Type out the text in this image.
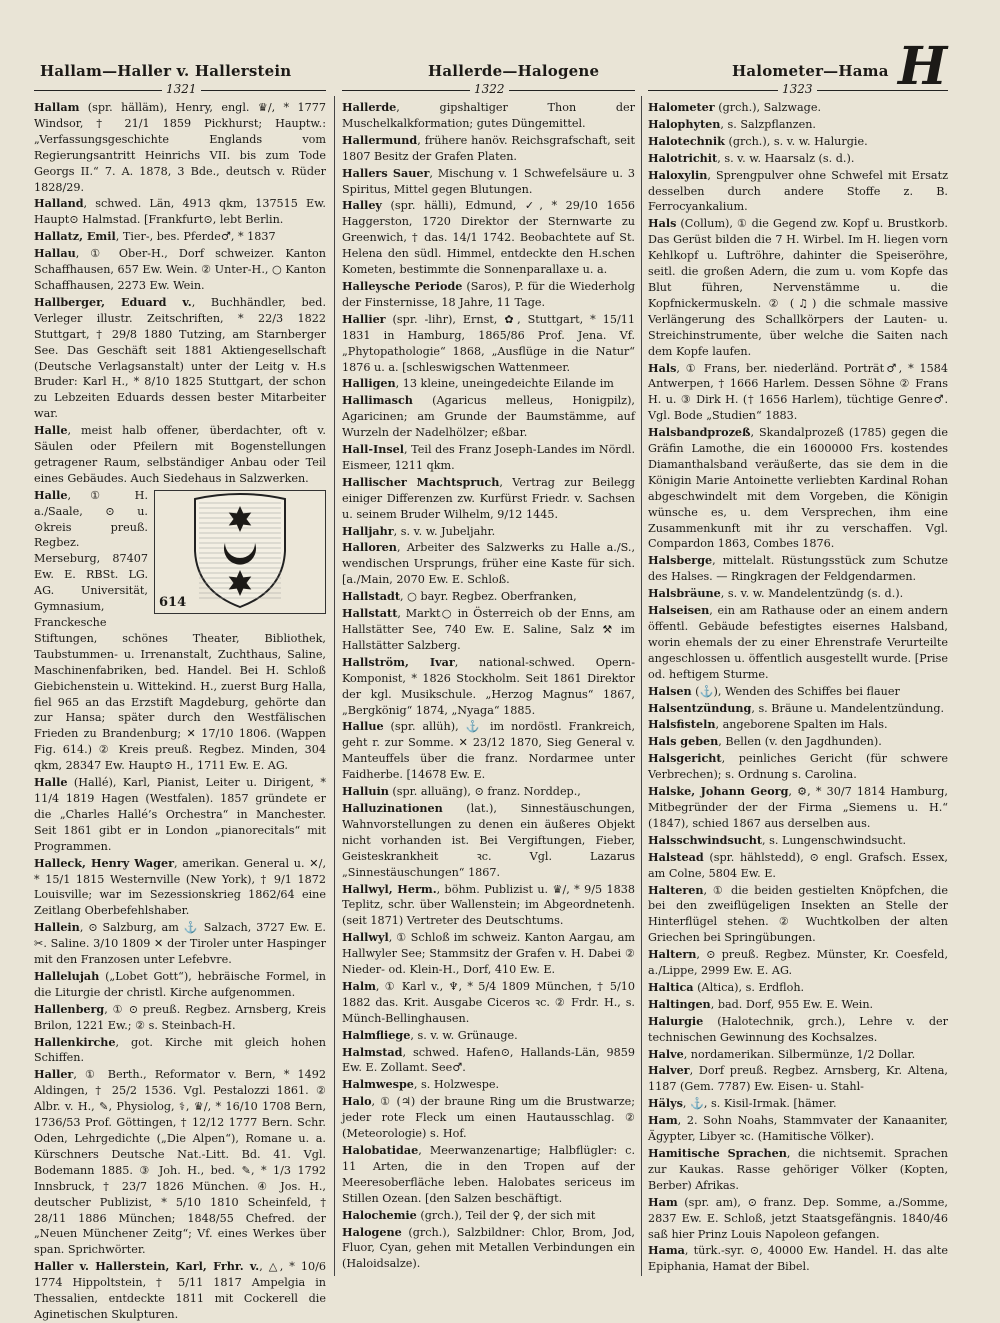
Hallam—Haller v. Hallerstein	Hallerde—Halogene	Halometer—Hama H
1321	1322	1323

Hallam (spr. hälläm), Henry, engl. ♛/, * 1777 Windsor, † 21/1 1859 Pickhurst; Hauptw.: „Verfassungsgeschichte Englands vom Regierungsantritt Heinrichs VII. bis zum Tode Georgs II.“ 7. A. 1878, 3 Bde., deutsch v. Rüder 1828/29.

Halland, schwed. Län, 4913 qkm, 137515 Ew. Haupt⊙ Halmstad. [Frankfurt⊙, lebt Berlin.

Hallatz, Emil, Tier-, bes. Pferde♂, * 1837

Hallau, ① Ober-H., Dorf schweizer. Kanton Schaffhausen, 657 Ew. Wein. ② Unter-H., ○ Kanton Schaffhausen, 2273 Ew. Wein.

Hallberger, Eduard v., Buchhändler, bed. Verleger illustr. Zeitschriften, * 22/3 1822 Stuttgart, † 29/8 1880 Tutzing, am Starnberger See. Das Geschäft seit 1881 Aktiengesellschaft (Deutsche Verlagsanstalt) unter der Leitg v. H.s Bruder: Karl H., * 8/10 1825 Stuttgart, der schon zu Lebzeiten Eduards dessen bester Mitarbeiter war.

Halle, meist halb offener, überdachter, oft v. Säulen oder Pfeilern mit Bogenstellungen getragener Raum, selbständiger Anbau oder Teil eines Gebäudes. Auch Siedehaus in Salzwerken.

614
Halle, ① H. a./Saale, ⊙ u. ⊙kreis preuß. Regbez. Merseburg, 87407 Ew. E. RBSt. LG. AG. Universität, Gymnasium, Franckesche Stiftungen, schönes Theater, Bibliothek, Taubstummen- u. Irrenanstalt, Zuchthaus, Saline, Maschinenfabriken, bed. Handel. Bei H. Schloß Giebichenstein u. Wittekind. H., zuerst Burg Halla, fiel 965 an das Erzstift Magdeburg, gehörte dan zur Hansa; später durch den Westfälischen Frieden zu Brandenburg; ✕ 17/10 1806. (Wappen Fig. 614.) ② Kreis preuß. Regbez. Minden, 304 qkm, 28347 Ew. Haupt⊙ H., 1711 Ew. E. AG.

Halle (Hallé), Karl, Pianist, Leiter u. Dirigent, * 11/4 1819 Hagen (Westfalen). 1857 gründete er die „Charles Hallé’s Orchestra“ in Manchester. Seit 1861 gibt er in London „pianorecitals“ mit Programmen.

Halleck, Henry Wager, amerikan. General u. ✕/, * 15/1 1815 Westernville (New York), † 9/1 1872 Louisville; war im Sezessionskrieg 1862/64 eine Zeitlang Oberbefehlshaber.

Hallein, ⊙ Salzburg, am ⚓ Salzach, 3727 Ew. E. ✂. Saline. 3/10 1809 ✕ der Tiroler unter Haspinger mit den Franzosen unter Lefebvre.

Hallelujah („Lobet Gott“), hebräische Formel, in die Liturgie der christl. Kirche aufgenommen.

Hallenberg, ① ⊙ preuß. Regbez. Arnsberg, Kreis Brilon, 1221 Ew.; ② s. Steinbach-H.

Hallenkirche, got. Kirche mit gleich hohen Schiffen.

Haller, ① Berth., Reformator v. Bern, * 1492 Aldingen, † 25/2 1536. Vgl. Pestalozzi 1861. ② Albr. v. H., ✎, Physiolog, ⚕, ♛/, * 16/10 1708 Bern, 1736/53 Prof. Göttingen, † 12/12 1777 Bern. Schr. Oden, Lehrgedichte („Die Alpen“), Romane u. a. Kürschners Deutsche Nat.-Litt. Bd. 41. Vgl. Bodemann 1885. ③ Joh. H., bed. ✎, * 1/3 1792 Innsbruck, † 23/7 1826 München. ④ Jos. H., deutscher Publizist, * 5/10 1810 Scheinfeld, † 28/11 1886 München; 1848/55 Chefred. der „Neuen Münchener Zeitg“; Vf. eines Werkes über span. Sprichwörter.

Haller v. Hallerstein, Karl, Frhr. v., △, * 10/6 1774 Hippoltstein, † 5/11 1817 Ampelgia in Thessalien, entdeckte 1811 mit Cockerell die Aginetischen Skulpturen.

Hallerde, gipshaltiger Thon der Muschelkalkformation; gutes Düngemittel.

Hallermund, frühere hanöv. Reichsgrafschaft, seit 1807 Besitz der Grafen Platen.

Hallers Sauer, Mischung v. 1 Schwefelsäure u. 3 Spiritus, Mittel gegen Blutungen.

Halley (spr. hälli), Edmund, ✓, * 29/10 1656 Haggerston, 1720 Direktor der Sternwarte zu Greenwich, † das. 14/1 1742. Beobachtete auf St. Helena den südl. Himmel, entdeckte den H.schen Kometen, bestimmte die Sonnenparallaxe u. a.

Halleysche Periode (Saros), P. für die Wiederholg der Finsternisse, 18 Jahre, 11 Tage.

Hallier (spr. -lihr), Ernst, ✿, Stuttgart, * 15/11 1831 in Hamburg, 1865/86 Prof. Jena. Vf. „Phytopathologie“ 1868, „Ausflüge in die Natur“ 1876 u. a. [schleswigschen Wattenmeer.

Halligen, 13 kleine, uneingedeichte Eilande im

Hallimasch (Agaricus melleus, Honigpilz), Agaricinen; am Grunde der Baumstämme, auf Wurzeln der Nadelhölzer; eßbar.

Hall-Insel, Teil des Franz Joseph-Landes im Nördl. Eismeer, 1211 qkm.

Hallischer Machtspruch, Vertrag zur Beilegg einiger Differenzen zw. Kurfürst Friedr. v. Sachsen u. seinem Bruder Wilhelm, 9/12 1445.

Halljahr, s. v. w. Jubeljahr.

Halloren, Arbeiter des Salzwerks zu Halle a./S., wendischen Ursprungs, früher eine Kaste für sich. [a./Main, 2070 Ew. E. Schloß.

Hallstadt, ○ bayr. Regbez. Oberfranken,

Hallstatt, Markt○ in Österreich ob der Enns, am Hallstätter See, 740 Ew. E. Saline, Salz ⚒ im Hallstätter Salzberg.

Hallström, Ivar, national-schwed. Opern-Komponist, * 1826 Stockholm. Seit 1861 Direktor der kgl. Musikschule. „Herzog Magnus“ 1867, „Bergkönig“ 1874, „Nyaga“ 1885.

Hallue (spr. allüh), ⚓ im nordöstl. Frankreich, geht r. zur Somme. ✕ 23/12 1870, Sieg General v. Manteuffels über die franz. Nordarmee unter Faidherbe. [14678 Ew. E.

Halluin (spr. alluäng), ⊙ franz. Norddep.,

Halluzinationen (lat.), Sinnestäuschungen, Wahnvorstellungen zu denen ein äußeres Objekt nicht vorhanden ist. Bei Vergiftungen, Fieber, Geisteskrankheit ꝛc. Vgl. Lazarus „Sinnestäuschungen“ 1867.

Hallwyl, Herm., böhm. Publizist u. ♛/, * 9/5 1838 Teplitz, schr. über Wallenstein; im Abgeordnetenh. (seit 1871) Vertreter des Deutschtums.

Hallwyl, ① Schloß im schweiz. Kanton Aargau, am Hallwyler See; Stammsitz der Grafen v. H. Dabei ② Nieder- od. Klein-H., Dorf, 410 Ew. E.

Halm, ① Karl v., ♆, * 5/4 1809 München, † 5/10 1882 das. Krit. Ausgabe Ciceros ꝛc. ② Frdr. H., s. Münch-Bellinghausen.

Halmfliege, s. v. w. Grünauge.

Halmstad, schwed. Hafen⊙, Hallands-Län, 9859 Ew. E. Zollamt. See♂.

Halmwespe, s. Holzwespe.

Halo, ① (♃) der braune Ring um die Brustwarze; jeder rote Fleck um einen Hautausschlag. ② (Meteorologie) s. Hof.

Halobatidae, Meerwanzenartige; Halbflügler: c. 11 Arten, die in den Tropen auf der Meeresoberfläche leben. Halobates sericeus im Stillen Ozean. [den Salzen beschäftigt.

Halochemie (grch.), Teil der ♀, der sich mit

Halogene (grch.), Salzbildner: Chlor, Brom, Jod, Fluor, Cyan, gehen mit Metallen Verbindungen ein (Haloidsalze).

Halometer (grch.), Salzwage.

Halophyten, s. Salzpflanzen.

Halotechnik (grch.), s. v. w. Halurgie.

Halotrichit, s. v. w. Haarsalz (s. d.).

Haloxylin, Sprengpulver ohne Schwefel mit Ersatz desselben durch andere Stoffe z. B. Ferrocyankalium.

Hals (Collum), ① die Gegend zw. Kopf u. Brustkorb. Das Gerüst bilden die 7 H. Wirbel. Im H. liegen vorn Kehlkopf u. Luftröhre, dahinter die Speiseröhre, seitl. die großen Adern, die zum u. vom Kopfe das Blut führen, Nervenstämme u. die Kopfnickermuskeln. ② (♫) die schmale massive Verlängerung des Schallkörpers der Lauten- u. Streichinstrumente, über welche die Saiten nach dem Kopfe laufen.

Hals, ① Frans, ber. niederländ. Porträt♂, * 1584 Antwerpen, † 1666 Harlem. Dessen Söhne ② Frans H. u. ③ Dirk H. († 1656 Harlem), tüchtige Genre♂. Vgl. Bode „Studien“ 1883.

Halsbandprozeß, Skandalprozeß (1785) gegen die Gräfin Lamothe, die ein 1600000 Frs. kostendes Diamanthalsband veräußerte, das sie dem in die Königin Marie Antoinette verliebten Kardinal Rohan abgeschwindelt mit dem Vorgeben, die Königin wünsche es, u. dem Versprechen, ihm eine Zusammenkunft mit ihr zu verschaffen. Vgl. Compardon 1863, Combes 1876.

Halsberge, mittelalt. Rüstungsstück zum Schutze des Halses. — Ringkragen der Feldgendarmen.

Halsbräune, s. v. w. Mandelentzündg (s. d.).

Halseisen, ein am Rathause oder an einem andern öffentl. Gebäude befestigtes eisernes Halsband, worin ehemals der zu einer Ehrenstrafe Verurteilte angeschlossen u. öffentlich ausgestellt wurde. [Prise od. heftigem Sturme.

Halsen (⚓), Wenden des Schiffes bei flauer

Halsentzündung, s. Bräune u. Mandelentzündung.

Halsfisteln, angeborene Spalten im Hals.

Hals geben, Bellen (v. den Jagdhunden).

Halsgericht, peinliches Gericht (für schwere Verbrechen); s. Ordnung s. Carolina.

Halske, Johann Georg, ⚙, * 30/7 1814 Hamburg, Mitbegründer der der Firma „Siemens u. H.“ (1847), schied 1867 aus derselben aus.

Halsschwindsucht, s. Lungenschwindsucht.

Halstead (spr. hählstedd), ⊙ engl. Grafsch. Essex, am Colne, 5804 Ew. E.

Halteren, ① die beiden gestielten Knöpfchen, die bei den zweiflügeligen Insekten an Stelle der Hinterflügel stehen. ② Wuchtkolben der alten Griechen bei Springübungen.

Haltern, ⊙ preuß. Regbez. Münster, Kr. Coesfeld, a./Lippe, 2999 Ew. E. AG.

Haltica (Altica), s. Erdfloh.

Haltingen, bad. Dorf, 955 Ew. E. Wein.

Halurgie (Halotechnik, grch.), Lehre v. der technischen Gewinnung des Kochsalzes.

Halve, nordamerikan. Silbermünze, 1/2 Dollar.

Halver, Dorf preuß. Regbez. Arnsberg, Kr. Altena, 1187 (Gem. 7787) Ew. Eisen- u. Stahl-

Hälys, ⚓, s. Kisil-Irmak. [hämer.

Ham, 2. Sohn Noahs, Stammvater der Kanaaniter, Ägypter, Libyer ꝛc. (Hamitische Völker).

Hamitische Sprachen, die nichtsemit. Sprachen zur Kaukas. Rasse gehöriger Völker (Kopten, Berber) Afrikas.

Ham (spr. am), ⊙ franz. Dep. Somme, a./Somme, 2837 Ew. E. Schloß, jetzt Staatsgefängnis. 1840/46 saß hier Prinz Louis Napoleon gefangen.

Hama, türk.-syr. ⊙, 40000 Ew. Handel. H. das alte Epiphania, Hamat der Bibel.
